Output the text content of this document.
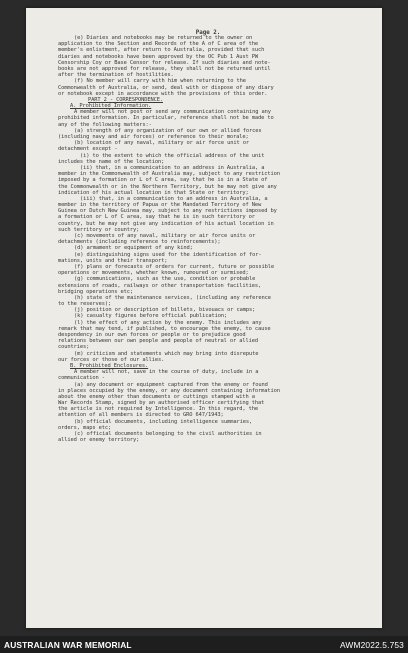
Page 2.
(e) Diaries and notebooks may be returned to the owner on
application to the Section and Records of the A of C area of the
member's enlistment, after return to Australia, provided that such
diaries and notebooks have been approved by the OC Pub 1 Aust PW
Censorship Coy or Base Censor for release. If such diaries and note-
books are not approved for release, they shall not be returned until
after the termination of hostilities.
(f) No member will carry with him when returning to the
Commonwealth of Australia, or send, deal with or dispose of any diary
or notebook except in accordance with the provisions of this order.
PART 2 - CORRESPONDENCE.
A. Prohibited Information.
A member will not post or send any communication containing any
prohibited information. In particular, reference shall not be made to
any of the following matters:-
(a) strength of any organization of our own or allied forces
(including navy and air forces) or reference to their morale;
(b) location of any naval, military or air force unit or
detachment except -
(i) to the extent to which the official address of the unit
includes the name of the location;
(ii) that, in a communication to an address in Australia, a
member in the Commonwealth of Australia may, subject to any restriction
imposed by a formation or L of C area, say that he is in a State of
the Commonwealth or in the Northern Territory, but he may not give any
indication of his actual location in that State or territory;
(iii) that, in a communication to an address in Australia, a
member in the territory of Papua or the Mandated Territory of New
Guinea or Dutch New Guinea may, subject to any restrictions imposed by
a formation or L of C area, say that he is in such territory or
country, but he may not give any indication of his actual location in
such territory or country;
(c) movements of any naval, military or air force units or
detachments (including reference to reinforcements);
(d) armament or equipment of any kind;
(e) distinguishing signs used for the identification of for-
mations, units and their transport;
(f) plans or forecasts of orders for current, future or possible
operations or movements, whether known, rumoured or surmised;
(g) communications, such as the use, condition or probable
extensions of roads, railways or other transportation facilities,
bridging operations etc;
(h) state of the maintenance services, (including any reference
to the reserves);
(j) position or description of billets, bivouacs or camps;
(k) casualty figures before official publication;
(l) the effect of any action by the enemy. This includes any
remark that may tend, if published, to encourage the enemy, to cause
despondency in our own forces or people or to prejudice good
relations between our own people and people of neutral or allied
countries;
(m) criticism and statements which may bring into disrepute
our forces or those of our allies.
B. Prohibited Enclosures.
A member will not, save in the course of duty, include in a
communication -
(a) any document or equipment captured from the enemy or found
in places occupied by the enemy, or any document containing information
about the enemy other than documents or cuttings stamped with a
War Records Stamp, signed by an authorised officer certifying that
the article is not required by Intelligence. In this regard, the
attention of all members is directed to GRO 647/1943;
(b) official documents, including intelligence summaries,
orders, maps etc;
(c) official documents belonging to the civil authorities in
allied or enemy territory;
AUSTRALIAN WAR MEMORIAL	AWM2022.5.753
